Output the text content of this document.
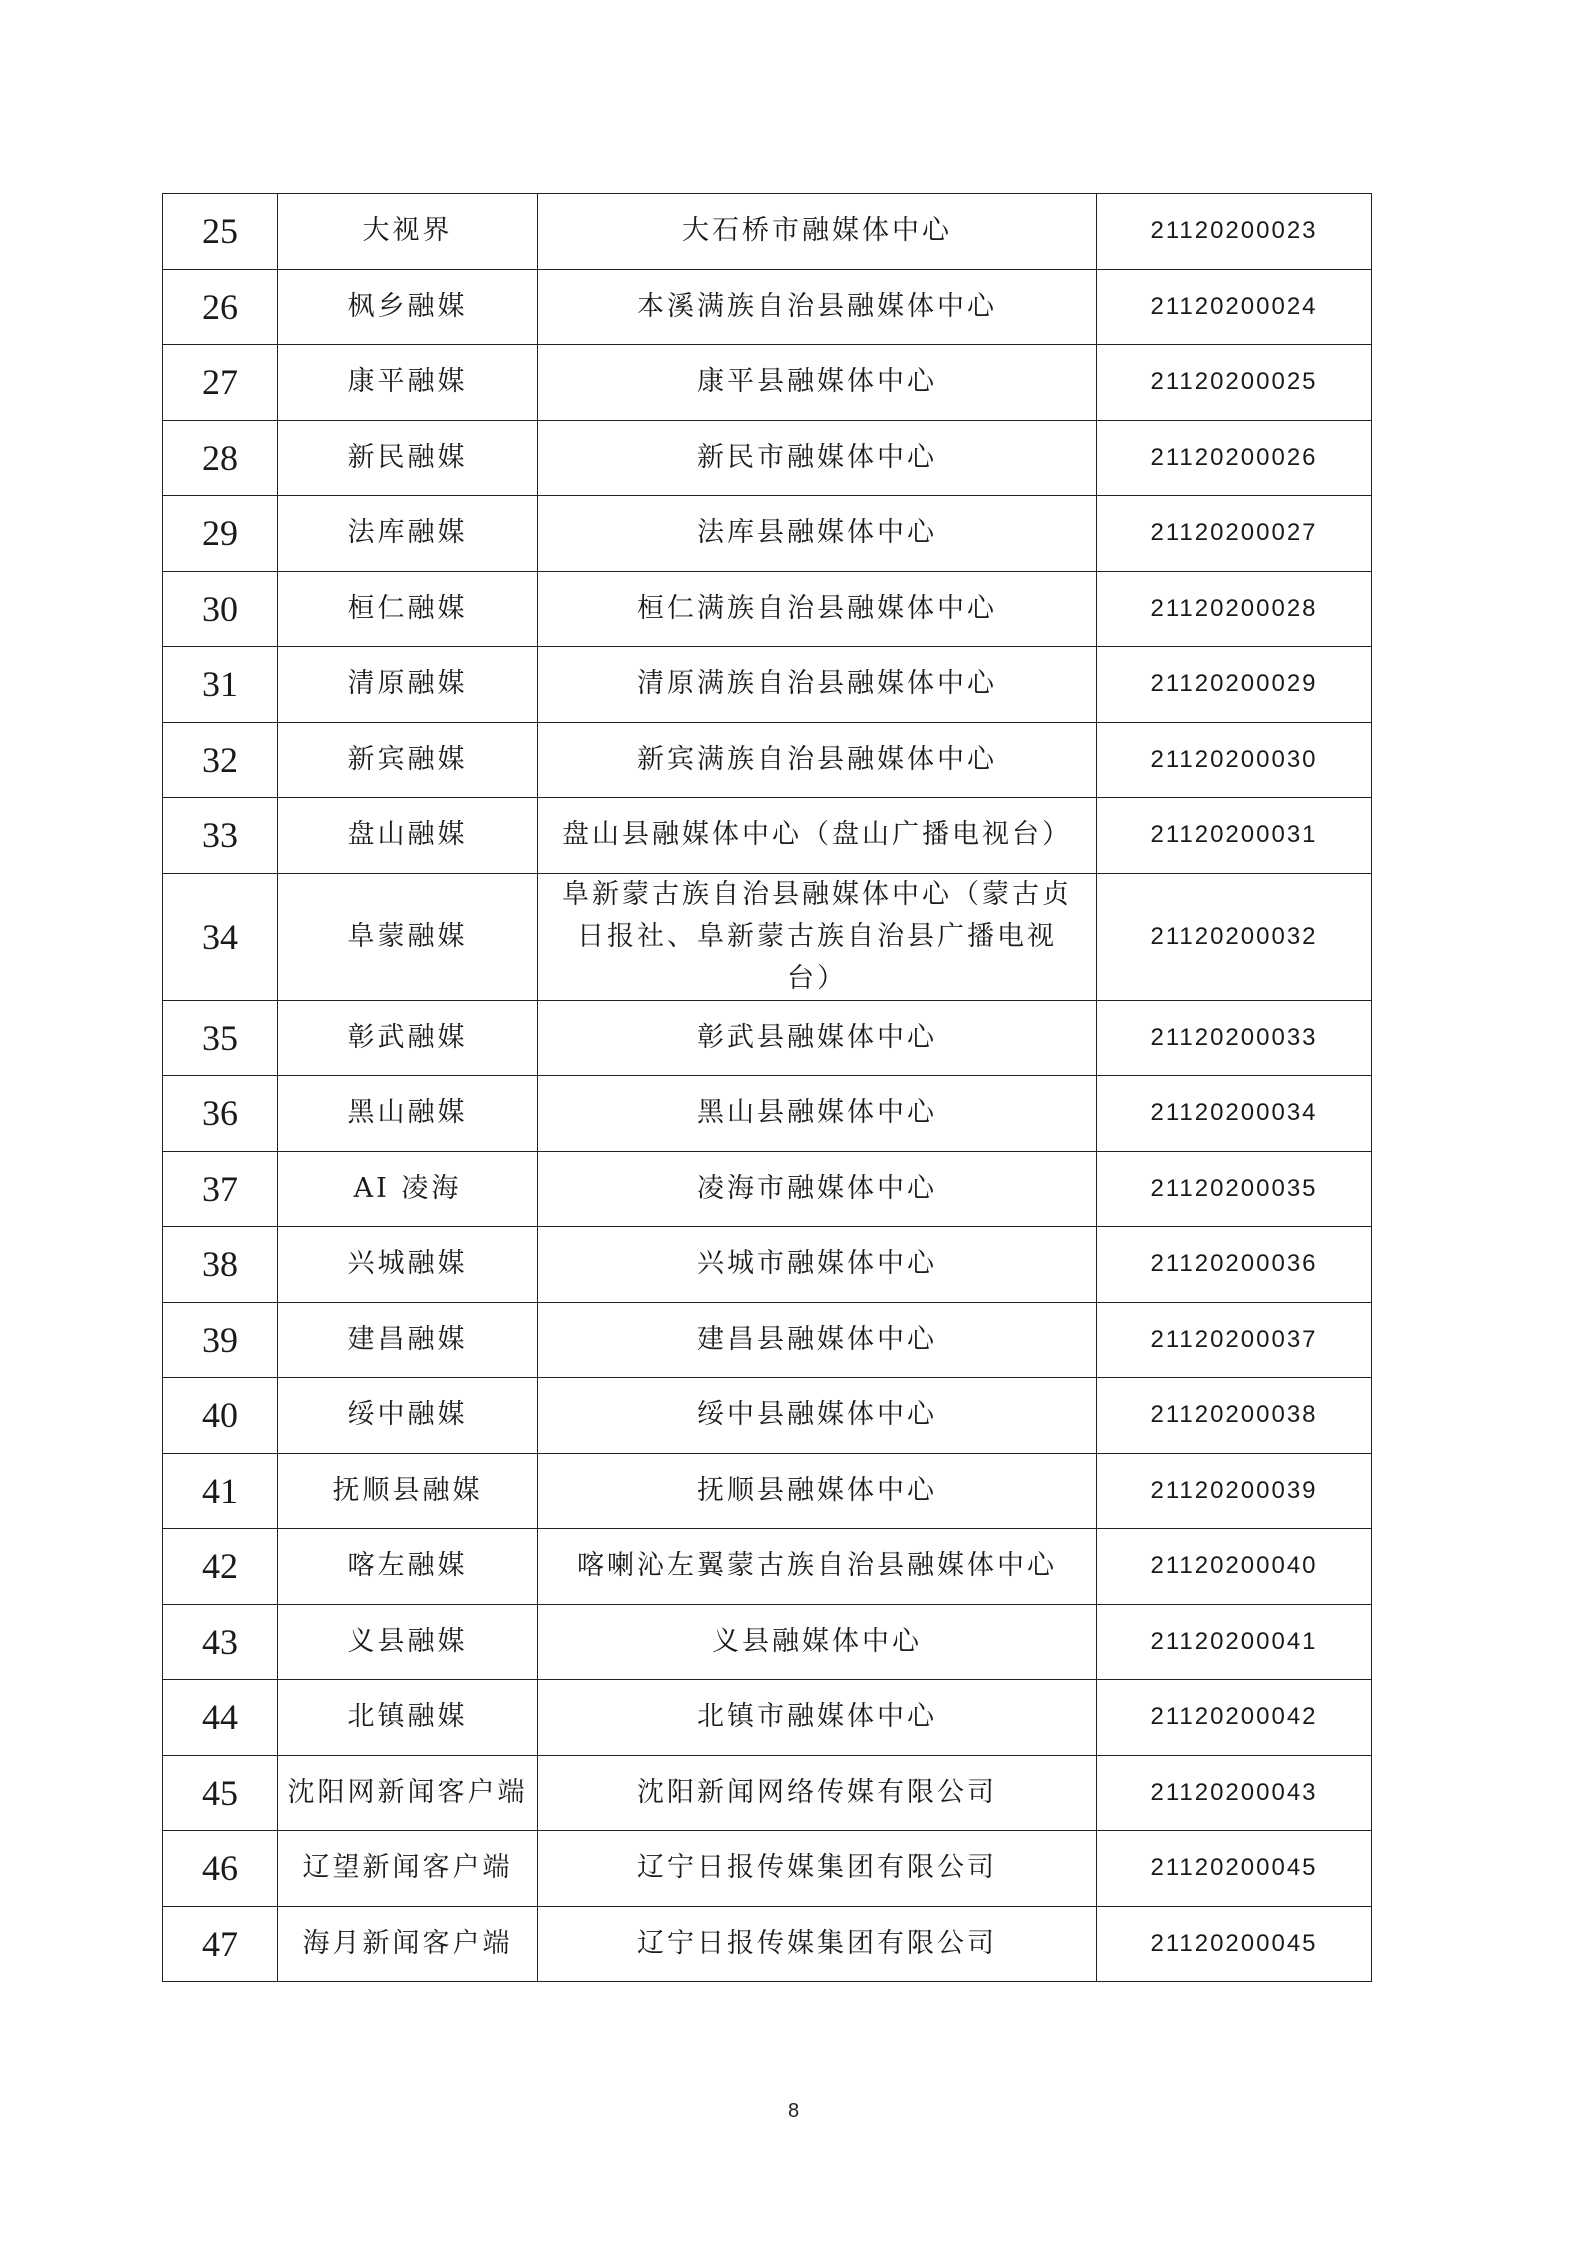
25	大视界	大石桥市融媒体中心	21120200023
26	枫乡融媒	本溪满族自治县融媒体中心	21120200024
27	康平融媒	康平县融媒体中心	21120200025
28	新民融媒	新民市融媒体中心	21120200026
29	法库融媒	法库县融媒体中心	21120200027
30	桓仁融媒	桓仁满族自治县融媒体中心	21120200028
31	清原融媒	清原满族自治县融媒体中心	21120200029
32	新宾融媒	新宾满族自治县融媒体中心	21120200030
33	盘山融媒	盘山县融媒体中心（盘山广播电视台）	21120200031
34	阜蒙融媒	阜新蒙古族自治县融媒体中心（蒙古贞日报社、阜新蒙古族自治县广播电视台）	21120200032
35	彰武融媒	彰武县融媒体中心	21120200033
36	黑山融媒	黑山县融媒体中心	21120200034
37	AI 凌海	凌海市融媒体中心	21120200035
38	兴城融媒	兴城市融媒体中心	21120200036
39	建昌融媒	建昌县融媒体中心	21120200037
40	绥中融媒	绥中县融媒体中心	21120200038
41	抚顺县融媒	抚顺县融媒体中心	21120200039
42	喀左融媒	喀喇沁左翼蒙古族自治县融媒体中心	21120200040
43	义县融媒	义县融媒体中心	21120200041
44	北镇融媒	北镇市融媒体中心	21120200042
45	沈阳网新闻客户端	沈阳新闻网络传媒有限公司	21120200043
46	辽望新闻客户端	辽宁日报传媒集团有限公司	21120200045
47	海月新闻客户端	辽宁日报传媒集团有限公司	21120200045
8
